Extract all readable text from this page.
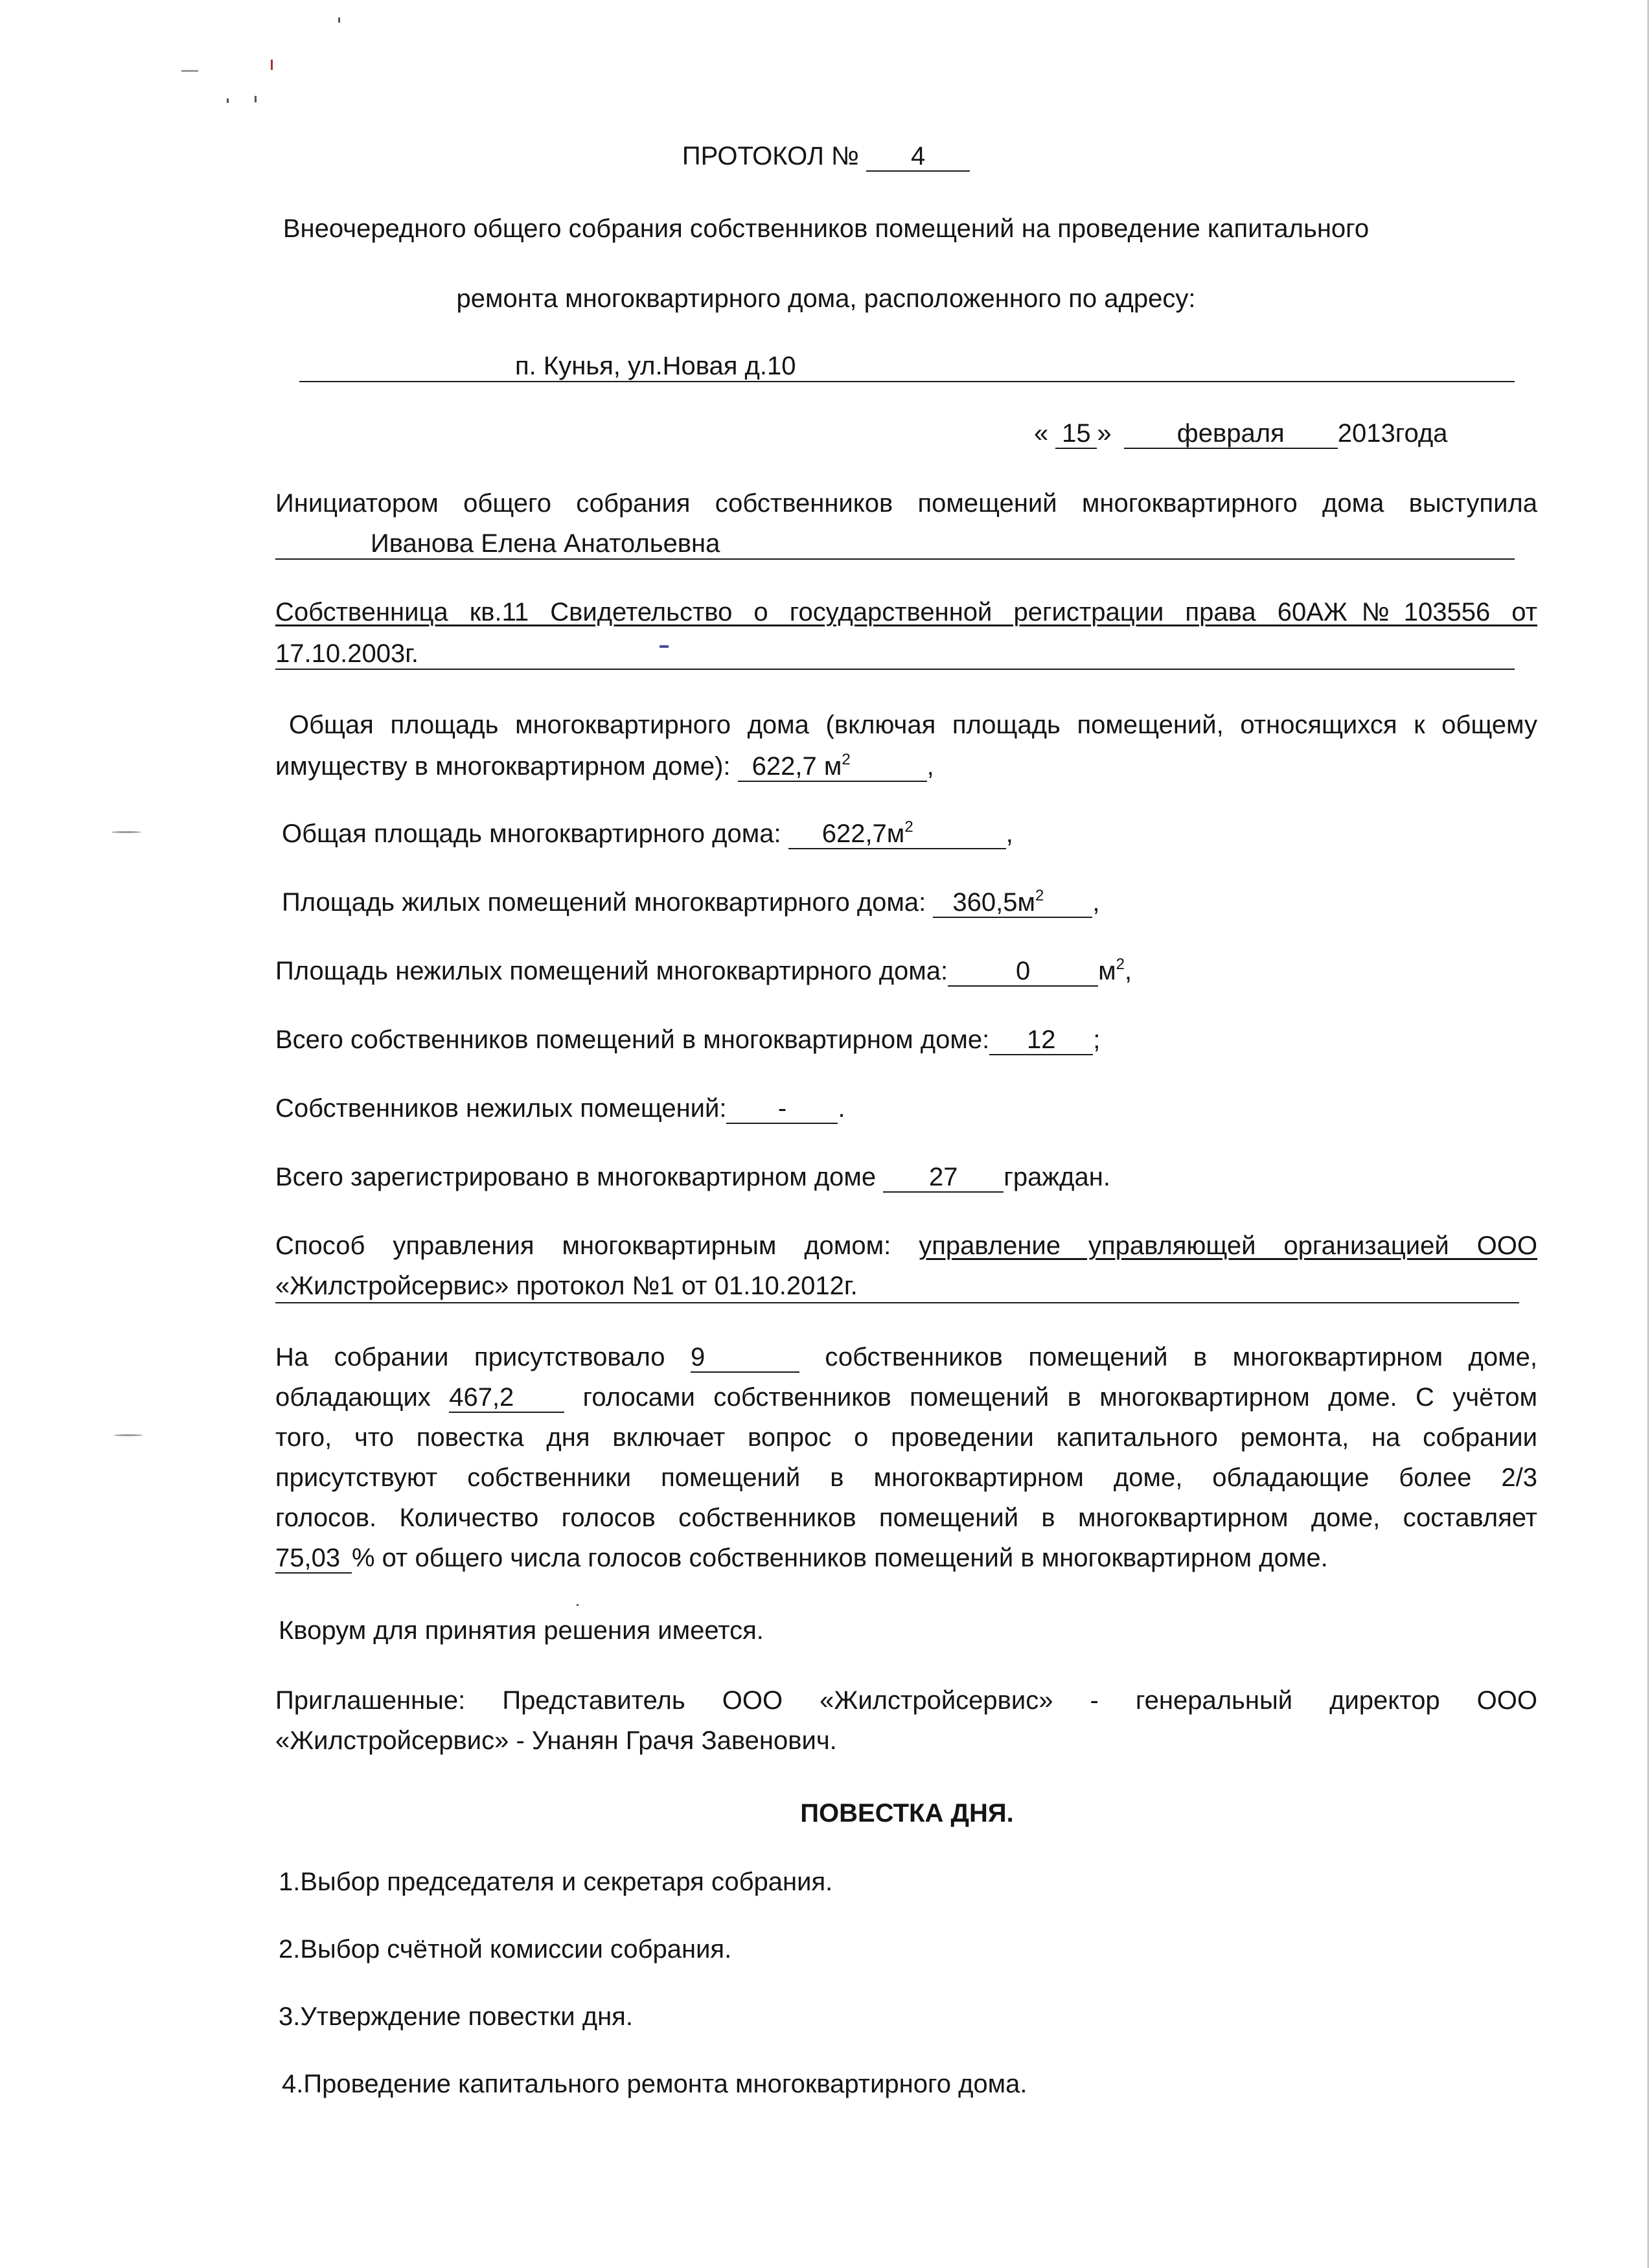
ПРОТОКОЛ № 4
Внеочередного общего собрания собственников помещений на проведение капитального
ремонта многоквартирного дома, расположенного по адресу:
п. Кунья, ул.Новая д.10
« 15 »	февраля 2013года
Инициатором общего собрания собственников помещений многоквартирного дома выступила
Иванова Елена Анатольевна
Собственница кв.11 Свидетельство о государственной регистрации права 60АЖ№103556 от
17.10.2003г.
Общая площадь многоквартирного дома (включая площадь помещений, относящихся к общему
имуществу в многоквартирном доме): 622,7 $м^2$	,
Общая площадь многоквартирного дома: $622,7м^2$	,
Площадь жилых помещений многоквартирного дома: $360,5м^2$ ,
Площадь нежилых помещений многоквартирного дома:	0	$м^2$,
Всего собственников помещений в многоквартирном доме: 12 ;
Собственников нежилых помещений: - .
Всего зарегистрировано в многоквартирном доме 27 граждан.
Способ управления многоквартирным домом: управление управляющей организацией ООО
«Жилстройсервис» протокол №1 от 01.10.2012г.
На собрании присутствовало 9	собственников помещений в многоквартирном доме,
обладающих 467,2	голосами собственников помещений в многоквартирном доме. С учётом
того, что повестка дня включает вопрос о проведении капитального ремонта, на собрании
присутствуют собственники помещений в многоквартирном доме, обладающие более 2/3
голосов. Количество голосов собственников помещений в многоквартирном доме, составляет
75,03 % от общего числа голосов собственников помещений в многоквартирном доме.
Кворум для принятия решения имеется.
Приглашенные: Представитель ООО «Жилстройсервис» - генеральный директор ООО
«Жилстройсервис» - Унанян Грачя Завенович.
ПОВЕСТКА ДНЯ.
1.Выбор председателя и секретаря собрания.
2.Выбор счётной комиссии собрания.
3.Утверждение повестки дня.
4.Проведение капитального ремонта многоквартирного дома.
